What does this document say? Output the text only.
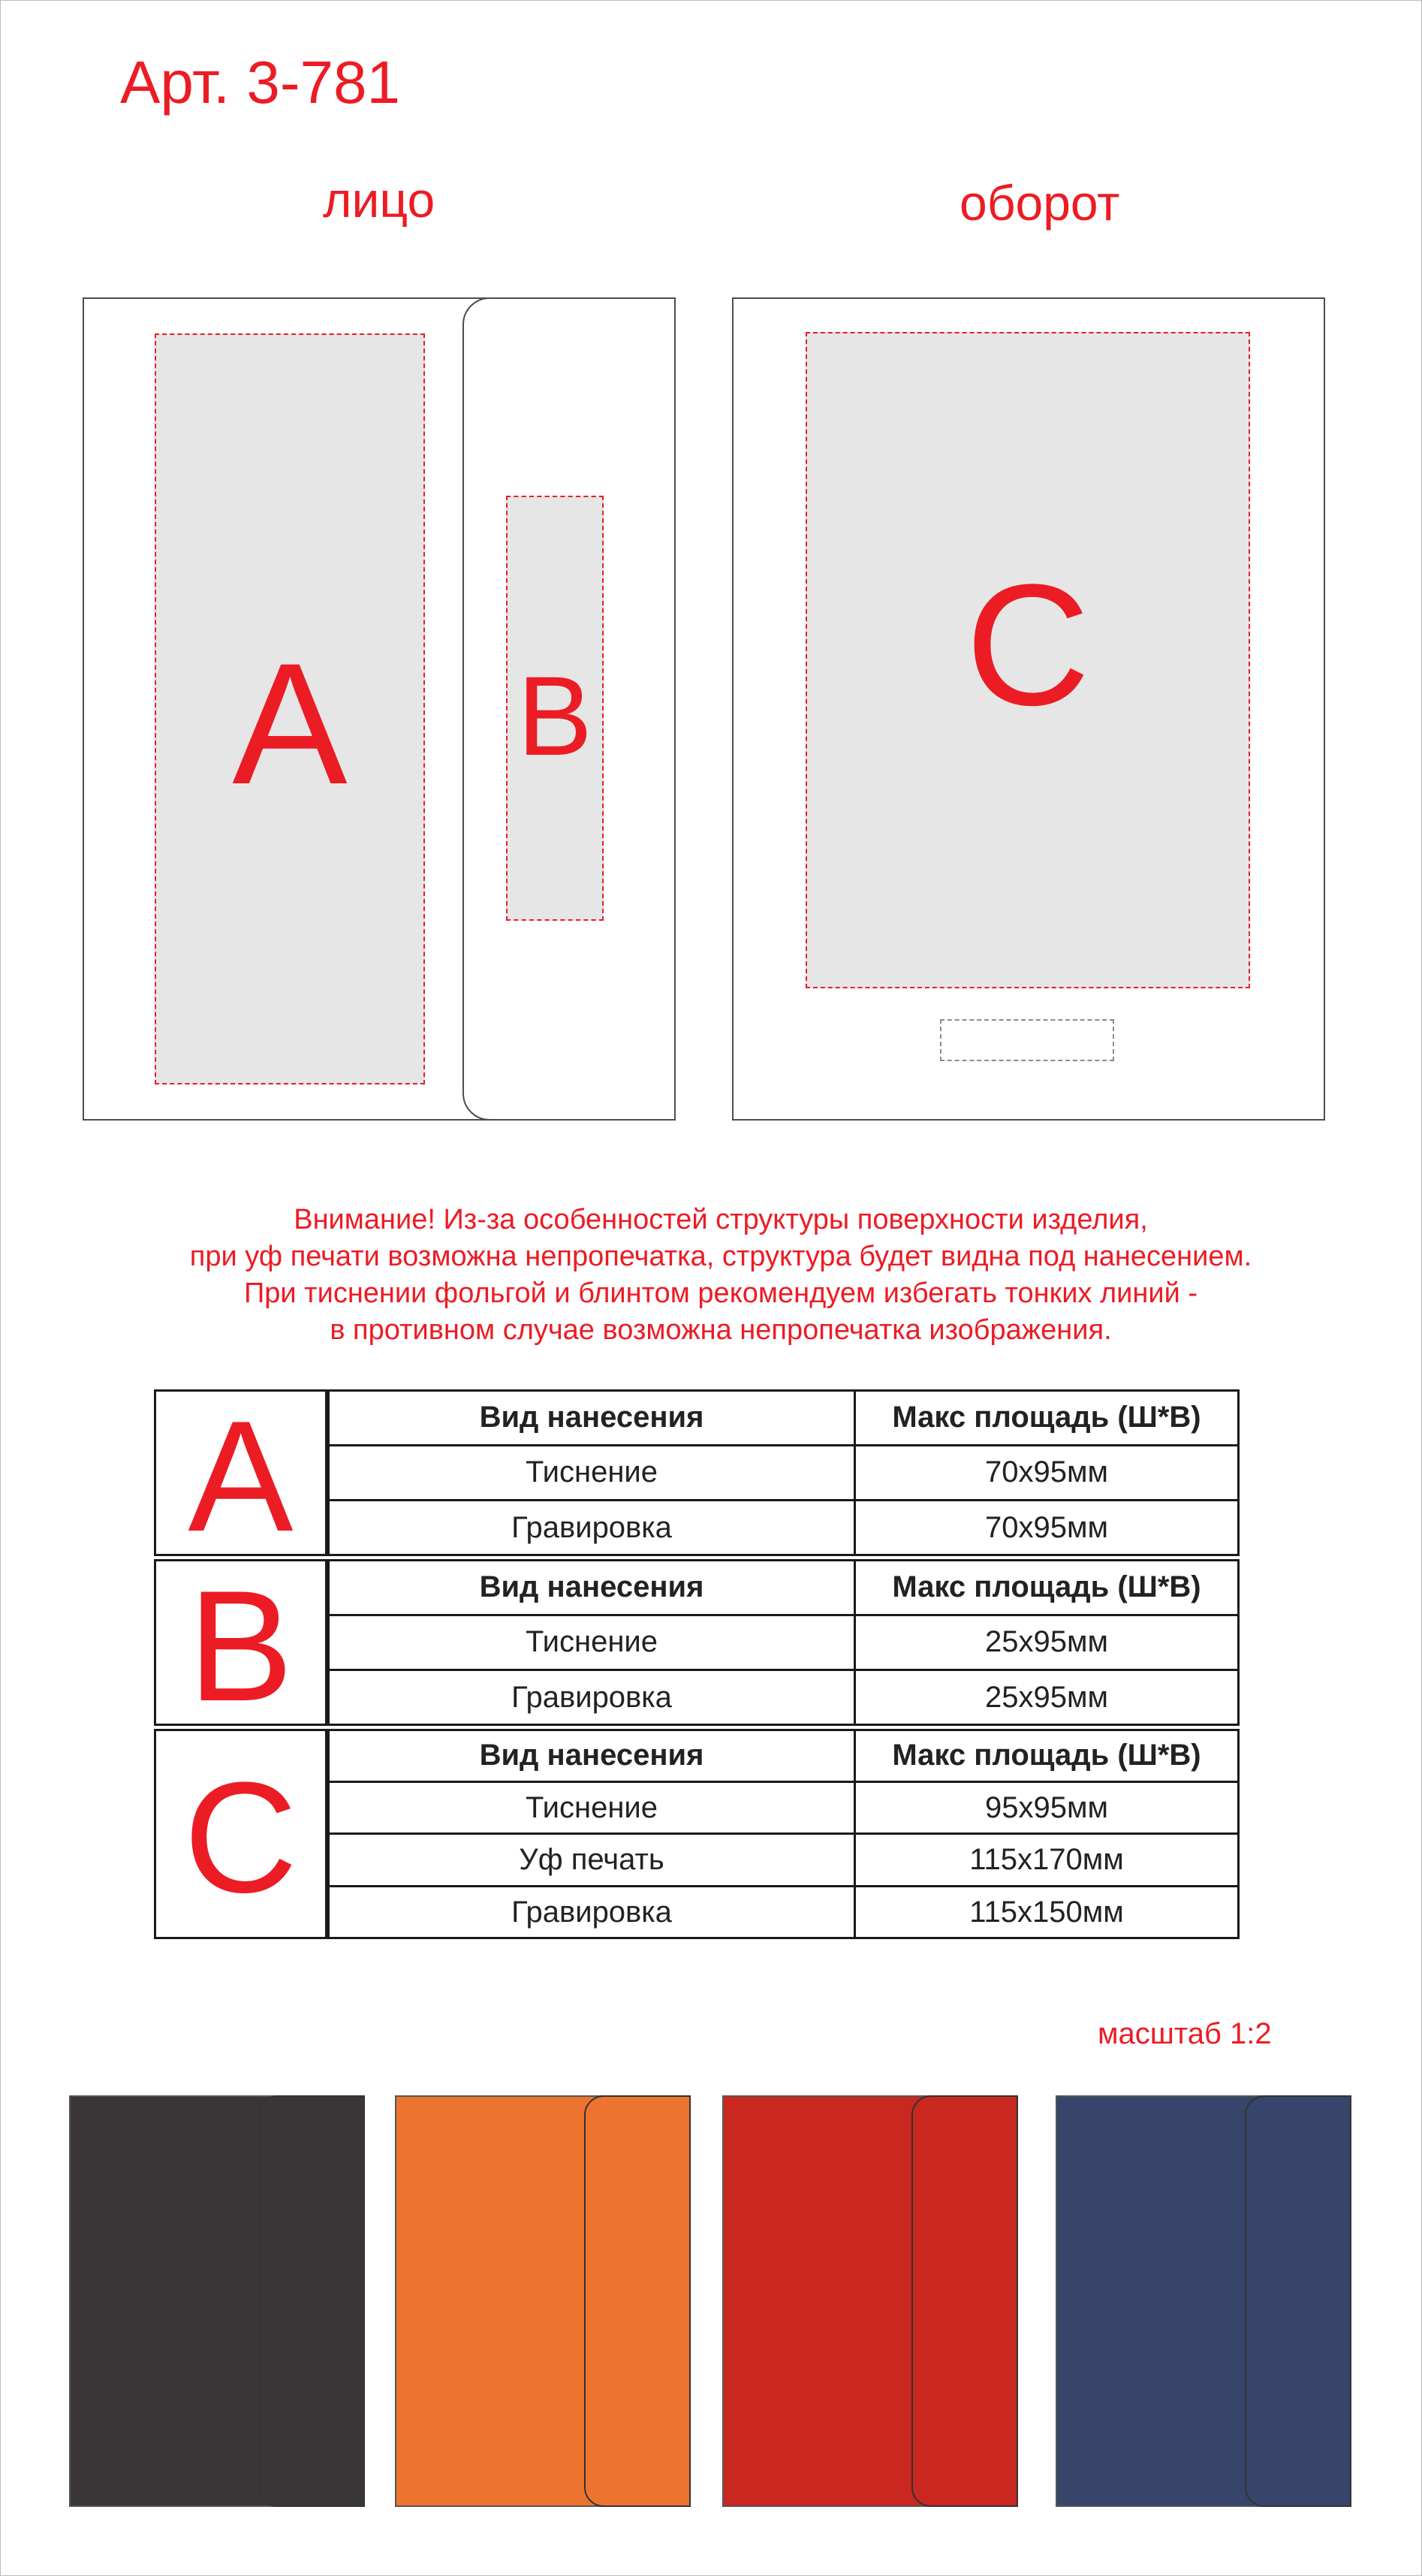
Арт. 3-781
лицо	оборот
A B C
Внимание! Из-за особенностей структуры поверхности изделия,
при уф печати возможна непропечатка, структура будет видна под нанесением.
При тиснении фольгой и блинтом рекомендуем избегать тонких линий -
в противном случае возможна непропечатка изображения.
A	Вид нанесения	Макс площадь (Ш*В)
Тиснение	70х95мм
Гравировка	70х95мм
B	Вид нанесения	Макс площадь (Ш*В)
Тиснение	25х95мм
Гравировка	25х95мм
C	Вид нанесения	Макс площадь (Ш*В)
Тиснение	95х95мм
Уф печать	115х170мм
Гравировка	115х150мм
масштаб 1:2
